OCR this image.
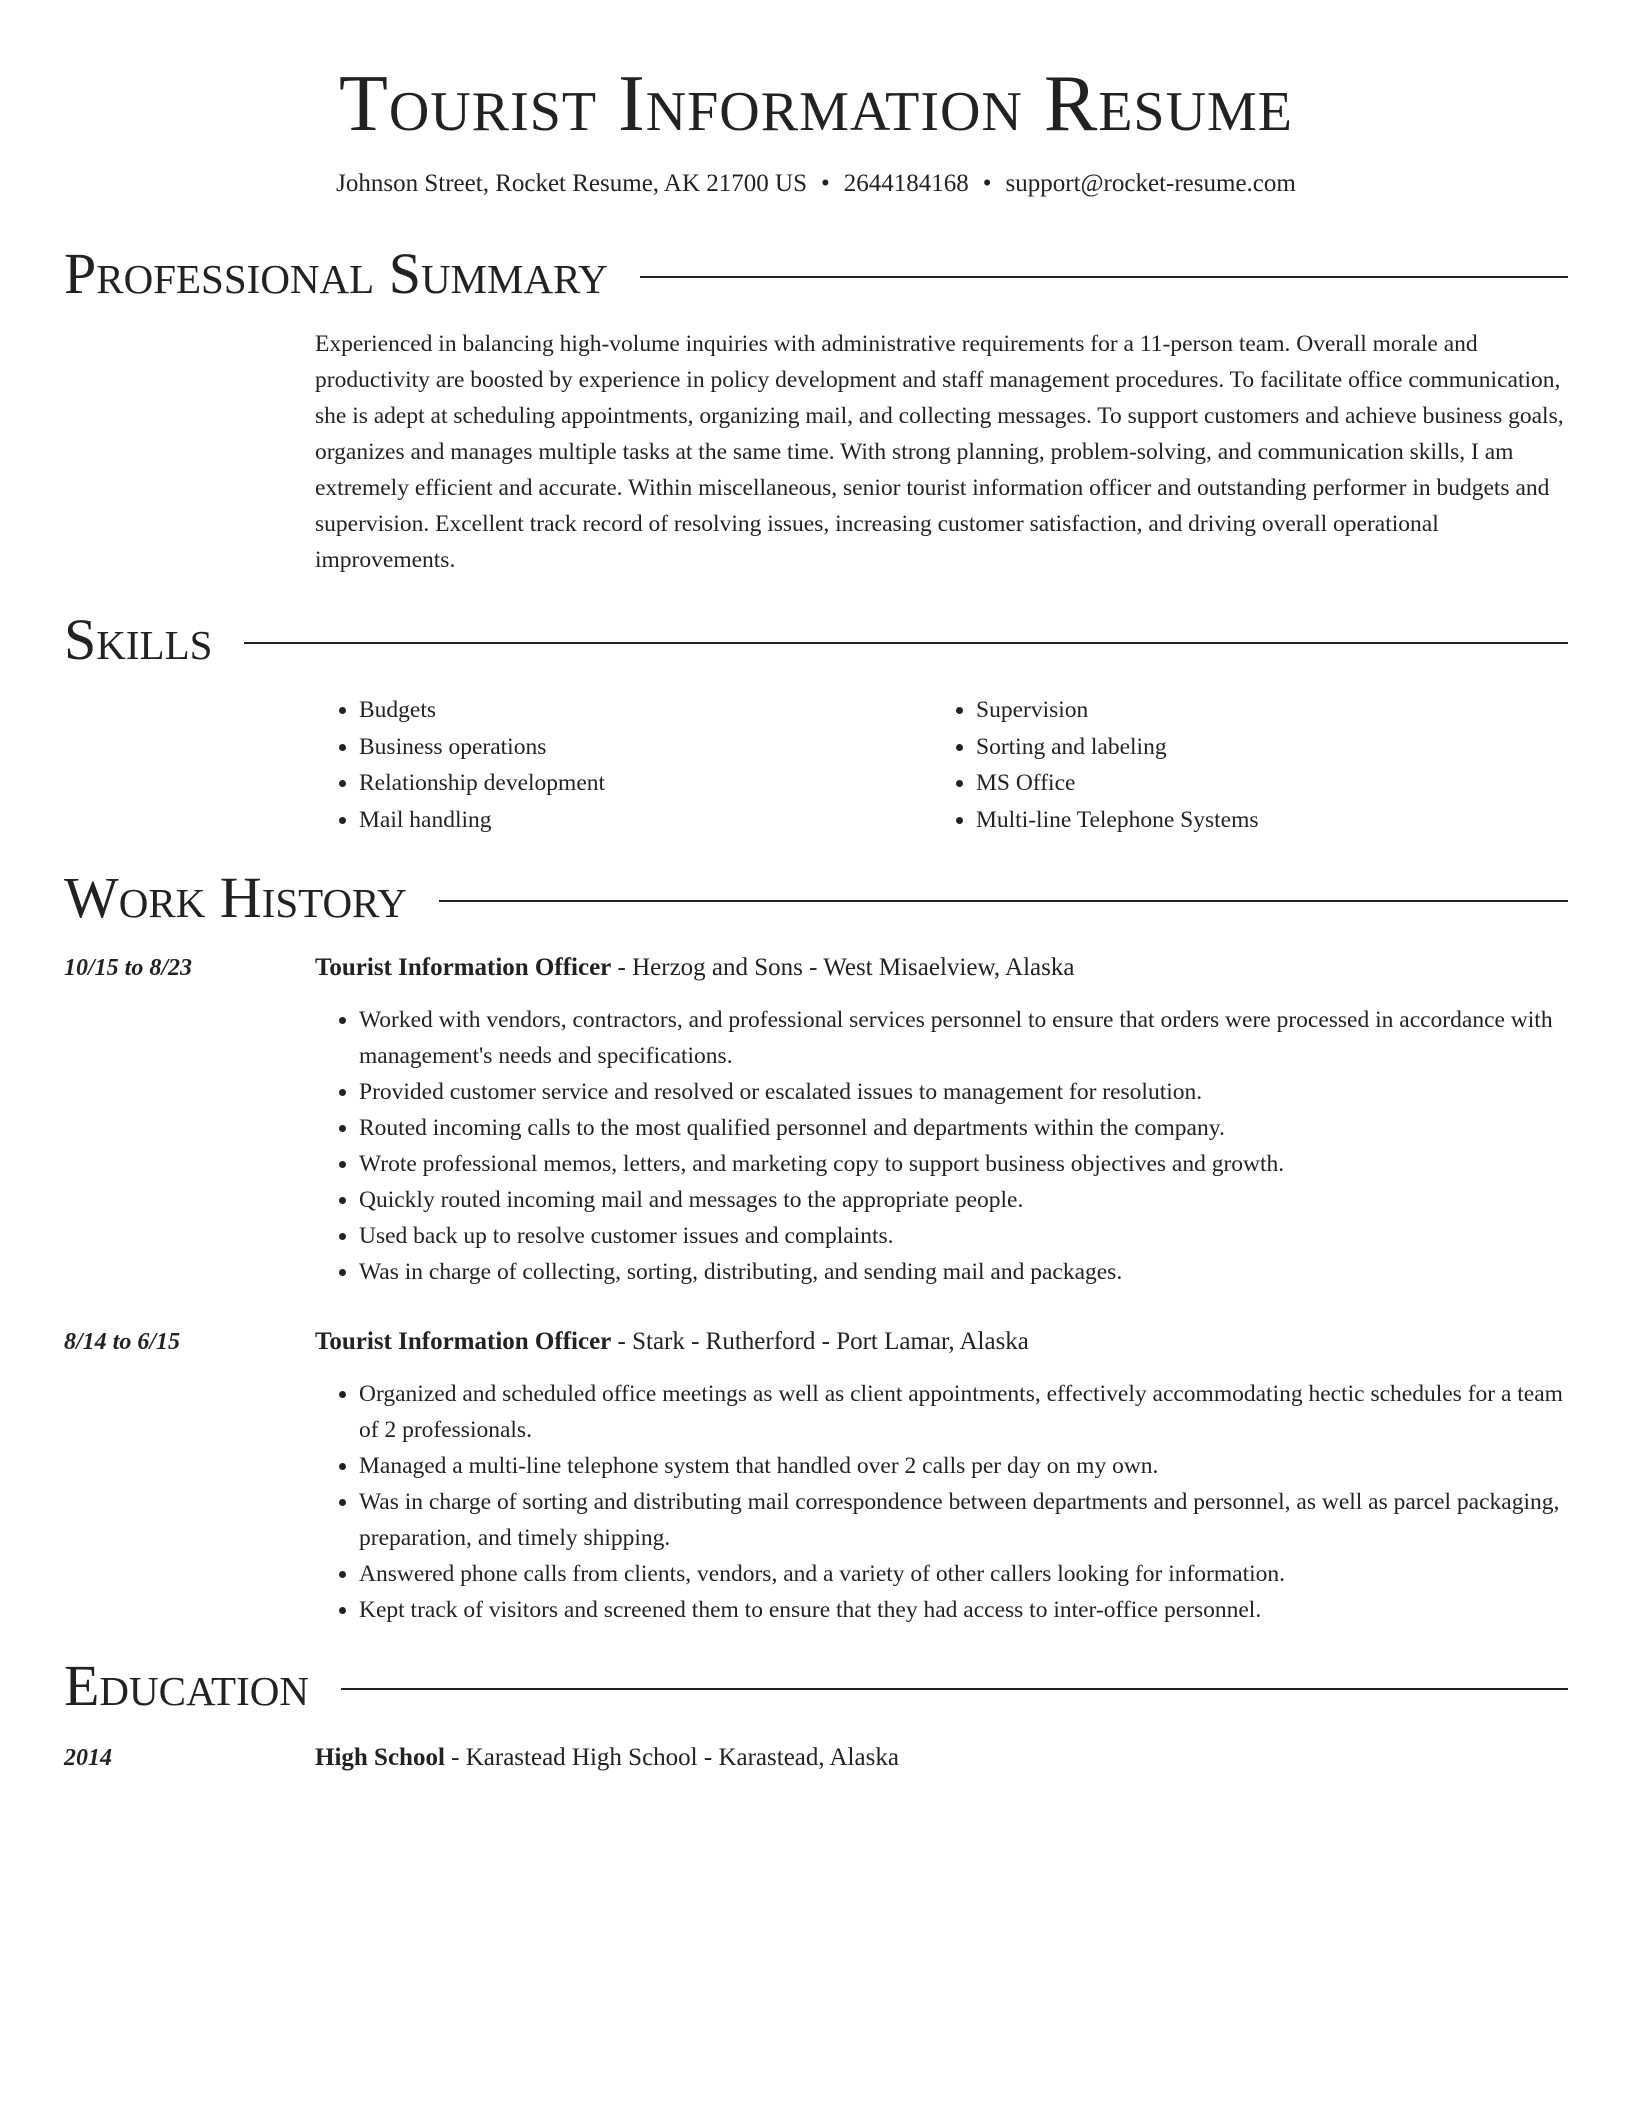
Tourist Information Resume
Johnson Street, Rocket Resume, AK 21700 US • 2644184168 • support@rocket-resume.com
Professional Summary
Experienced in balancing high-volume inquiries with administrative requirements for a 11-person team. Overall morale and productivity are boosted by experience in policy development and staff management procedures. To facilitate office communication, she is adept at scheduling appointments, organizing mail, and collecting messages. To support customers and achieve business goals, organizes and manages multiple tasks at the same time. With strong planning, problem-solving, and communication skills, I am extremely efficient and accurate. Within miscellaneous, senior tourist information officer and outstanding performer in budgets and supervision. Excellent track record of resolving issues, increasing customer satisfaction, and driving overall operational improvements.
Skills
• Budgets
• Business operations
• Relationship development
• Mail handling
• Supervision
• Sorting and labeling
• MS Office
• Multi-line Telephone Systems
Work History
10/15 to 8/23	Tourist Information Officer - Herzog and Sons - West Misaelview, Alaska
• Worked with vendors, contractors, and professional services personnel to ensure that orders were processed in accordance with management's needs and specifications.
• Provided customer service and resolved or escalated issues to management for resolution.
• Routed incoming calls to the most qualified personnel and departments within the company.
• Wrote professional memos, letters, and marketing copy to support business objectives and growth.
• Quickly routed incoming mail and messages to the appropriate people.
• Used back up to resolve customer issues and complaints.
• Was in charge of collecting, sorting, distributing, and sending mail and packages.
8/14 to 6/15	Tourist Information Officer - Stark - Rutherford - Port Lamar, Alaska
• Organized and scheduled office meetings as well as client appointments, effectively accommodating hectic schedules for a team of 2 professionals.
• Managed a multi-line telephone system that handled over 2 calls per day on my own.
• Was in charge of sorting and distributing mail correspondence between departments and personnel, as well as parcel packaging, preparation, and timely shipping.
• Answered phone calls from clients, vendors, and a variety of other callers looking for information.
• Kept track of visitors and screened them to ensure that they had access to inter-office personnel.
Education
2014	High School - Karastead High School - Karastead, Alaska
